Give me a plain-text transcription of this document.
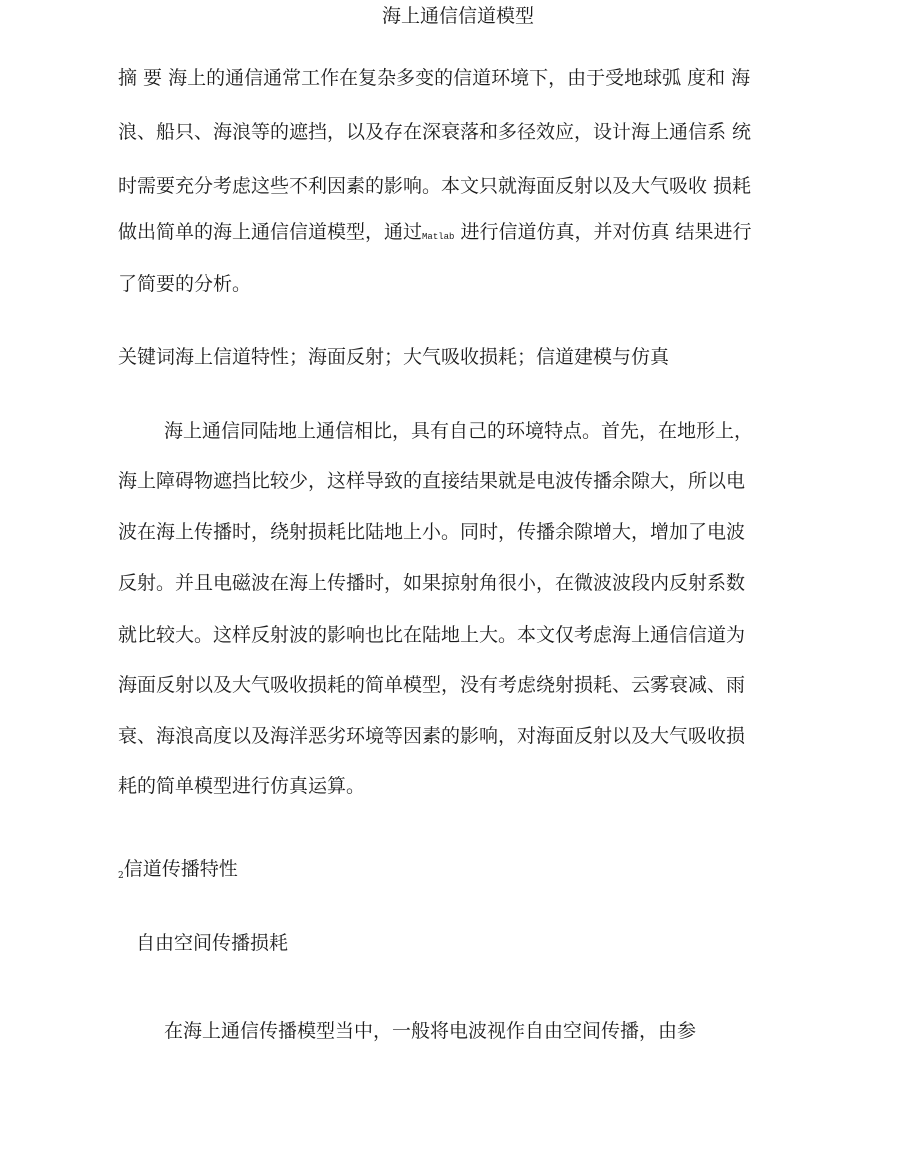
海上通信信道模型
摘 要 海上的通信通常工作在复杂多变的信道环境下，由于受地球弧 度和 海
浪、船只、海浪等的遮挡，以及存在深衰落和多径效应，设计海上通信系 统
时需要充分考虑这些不利因素的影响。本文只就海面反射以及大气吸收 损耗
做出简单的海上通信信道模型，通过Matlab 进行信道仿真，并对仿真 结果进行
了简要的分析。
关键词海上信道特性；海面反射；大气吸收损耗；信道建模与仿真
海上通信同陆地上通信相比，具有自己的环境特点。首先，在地形上，
海上障碍物遮挡比较少，这样导致的直接结果就是电波传播余隙大，所以电
波在海上传播时，绕射损耗比陆地上小。同时，传播余隙增大，增加了电波
反射。并且电磁波在海上传播时，如果掠射角很小，在微波波段内反射系数
就比较大。这样反射波的影响也比在陆地上大。本文仅考虑海上通信信道为
海面反射以及大气吸收损耗的简单模型，没有考虑绕射损耗、云雾衰减、雨
衰、海浪高度以及海洋恶劣环境等因素的影响，对海面反射以及大气吸收损
耗的简单模型进行仿真运算。
2信道传播特性
自由空间传播损耗
在海上通信传播模型当中，一般将电波视作自由空间传播，由参
